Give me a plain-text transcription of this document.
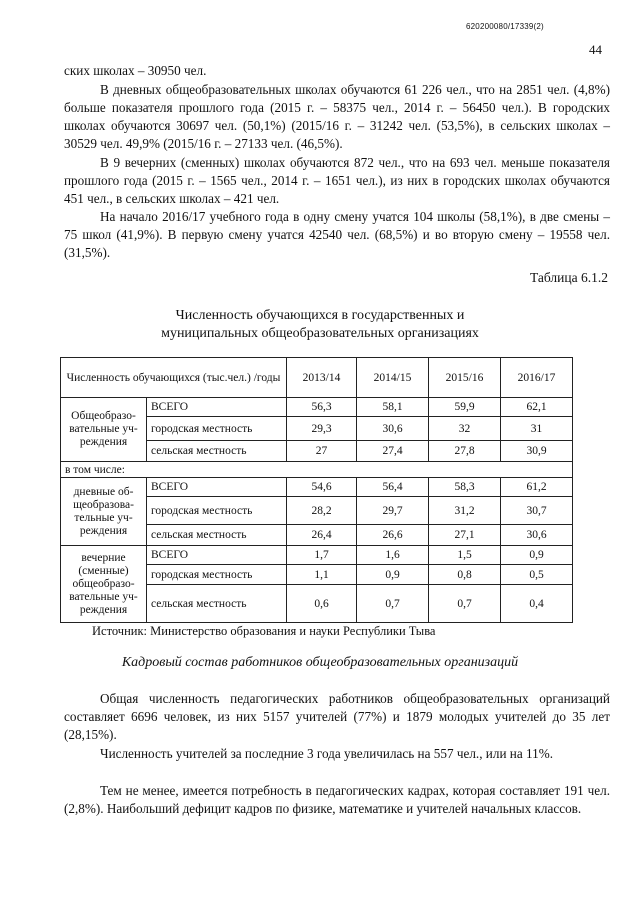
620200080/17339(2)
44

ских школах – 30950 чел.

В дневных общеобразовательных школах обучаются 61 226 чел., что на 2851 чел. (4,8%) больше показателя прошлого года (2015 г. – 58375 чел., 2014 г. – 56450 чел.). В городских школах обучаются 30697 чел. (50,1%) (2015/16 г. – 31242 чел. (53,5%), в сельских школах – 30529 чел. 49,9% (2015/16 г. – 27133 чел. (46,5%).

В 9 вечерних (сменных) школах обучаются 872 чел., что на 693 чел. меньше показателя прошлого года (2015 г. – 1565 чел., 2014 г. – 1651 чел.), из них в городских школах обучаются 451 чел., в сельских школах – 421 чел.

На начало 2016/17 учебного года в одну смену учатся 104 школы (58,1%), в две смены – 75 школ (41,9%). В первую смену учатся 42540 чел. (68,5%) и во вторую смену – 19558 чел. (31,5%).

Таблица 6.1.2
Численность обучающихся в государственных и
муниципальных общеобразовательных организациях
Численность обучающихся (тыс.чел.) /годы		2013/14	2014/15	2015/16	2016/17
Общеобразо-вательные уч-реждения	ВСЕГО	56,3	58,1	59,9	62,1
	городская местность	29,3	30,6	32	31
	сельская местность	27	27,4	27,8	30,9
в том числе:					
дневные об-щеобразова-тельные уч-реждения	ВСЕГО	54,6	56,4	58,3	61,2
	городская местность	28,2	29,7	31,2	30,7
	сельская местность	26,4	26,6	27,1	30,6
вечерние (сменные) общеобразо-вательные уч-реждения	ВСЕГО	1,7	1,6	1,5	0,9
	городская местность	1,1	0,9	0,8	0,5
	сельская местность	0,6	0,7	0,7	0,4
Источник: Министерство образования и науки Республики Тыва
Кадровый состав работников общеобразовательных организаций

Общая численность педагогических работников общеобразовательных организаций составляет 6696 человек, из них 5157 учителей (77%) и 1879 молодых учителей до 35 лет (28,15%).

Численность учителей за последние 3 года увеличилась на 557 чел., или на 11%.

Тем не менее, имеется потребность в педагогических кадрах, которая составляет 191 чел. (2,8%). Наибольший дефицит кадров по физике, математике и учителей начальных классов.
